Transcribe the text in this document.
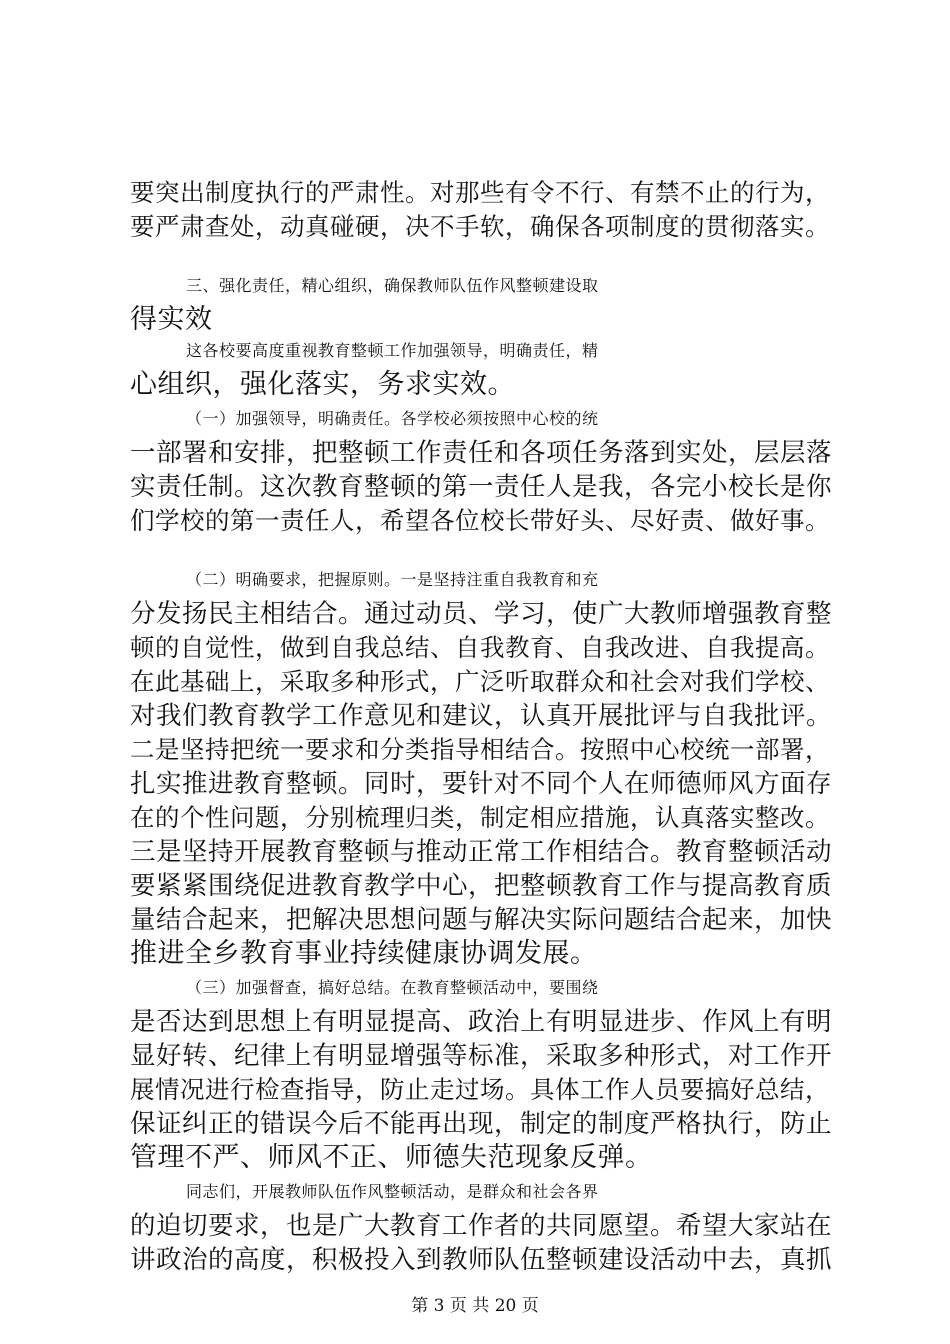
要突出制度执行的严肃性。对那些有令不行、有禁不止的行为，
要严肃查处，动真碰硬，决不手软，确保各项制度的贯彻落实。
三、强化责任，精心组织，确保教师队伍作风整顿建设取
得实效
这各校要高度重视教育整顿工作加强领导，明确责任，精
心组织，强化落实，务求实效。
（一）加强领导，明确责任。各学校必须按照中心校的统
一部署和安排，把整顿工作责任和各项任务落到实处，层层落
实责任制。这次教育整顿的第一责任人是我，各完小校长是你
们学校的第一责任人，希望各位校长带好头、尽好责、做好事。
（二）明确要求，把握原则。一是坚持注重自我教育和充
分发扬民主相结合。通过动员、学习，使广大教师增强教育整
顿的自觉性，做到自我总结、自我教育、自我改进、自我提高。
在此基础上，采取多种形式，广泛听取群众和社会对我们学校、
对我们教育教学工作意见和建议，认真开展批评与自我批评。
二是坚持把统一要求和分类指导相结合。按照中心校统一部署，
扎实推进教育整顿。同时，要针对不同个人在师德师风方面存
在的个性问题，分别梳理归类，制定相应措施，认真落实整改。
三是坚持开展教育整顿与推动正常工作相结合。教育整顿活动
要紧紧围绕促进教育教学中心，把整顿教育工作与提高教育质
量结合起来，把解决思想问题与解决实际问题结合起来，加快
推进全乡教育事业持续健康协调发展。
（三）加强督查，搞好总结。在教育整顿活动中，要围绕
是否达到思想上有明显提高、政治上有明显进步、作风上有明
显好转、纪律上有明显增强等标准，采取多种形式，对工作开
展情况进行检查指导，防止走过场。具体工作人员要搞好总结，
保证纠正的错误今后不能再出现，制定的制度严格执行，防止
管理不严、师风不正、师德失范现象反弹。
同志们，开展教师队伍作风整顿活动，是群众和社会各界
的迫切要求，也是广大教育工作者的共同愿望。希望大家站在
讲政治的高度，积极投入到教师队伍整顿建设活动中去，真抓
第 3 页 共 20 页
